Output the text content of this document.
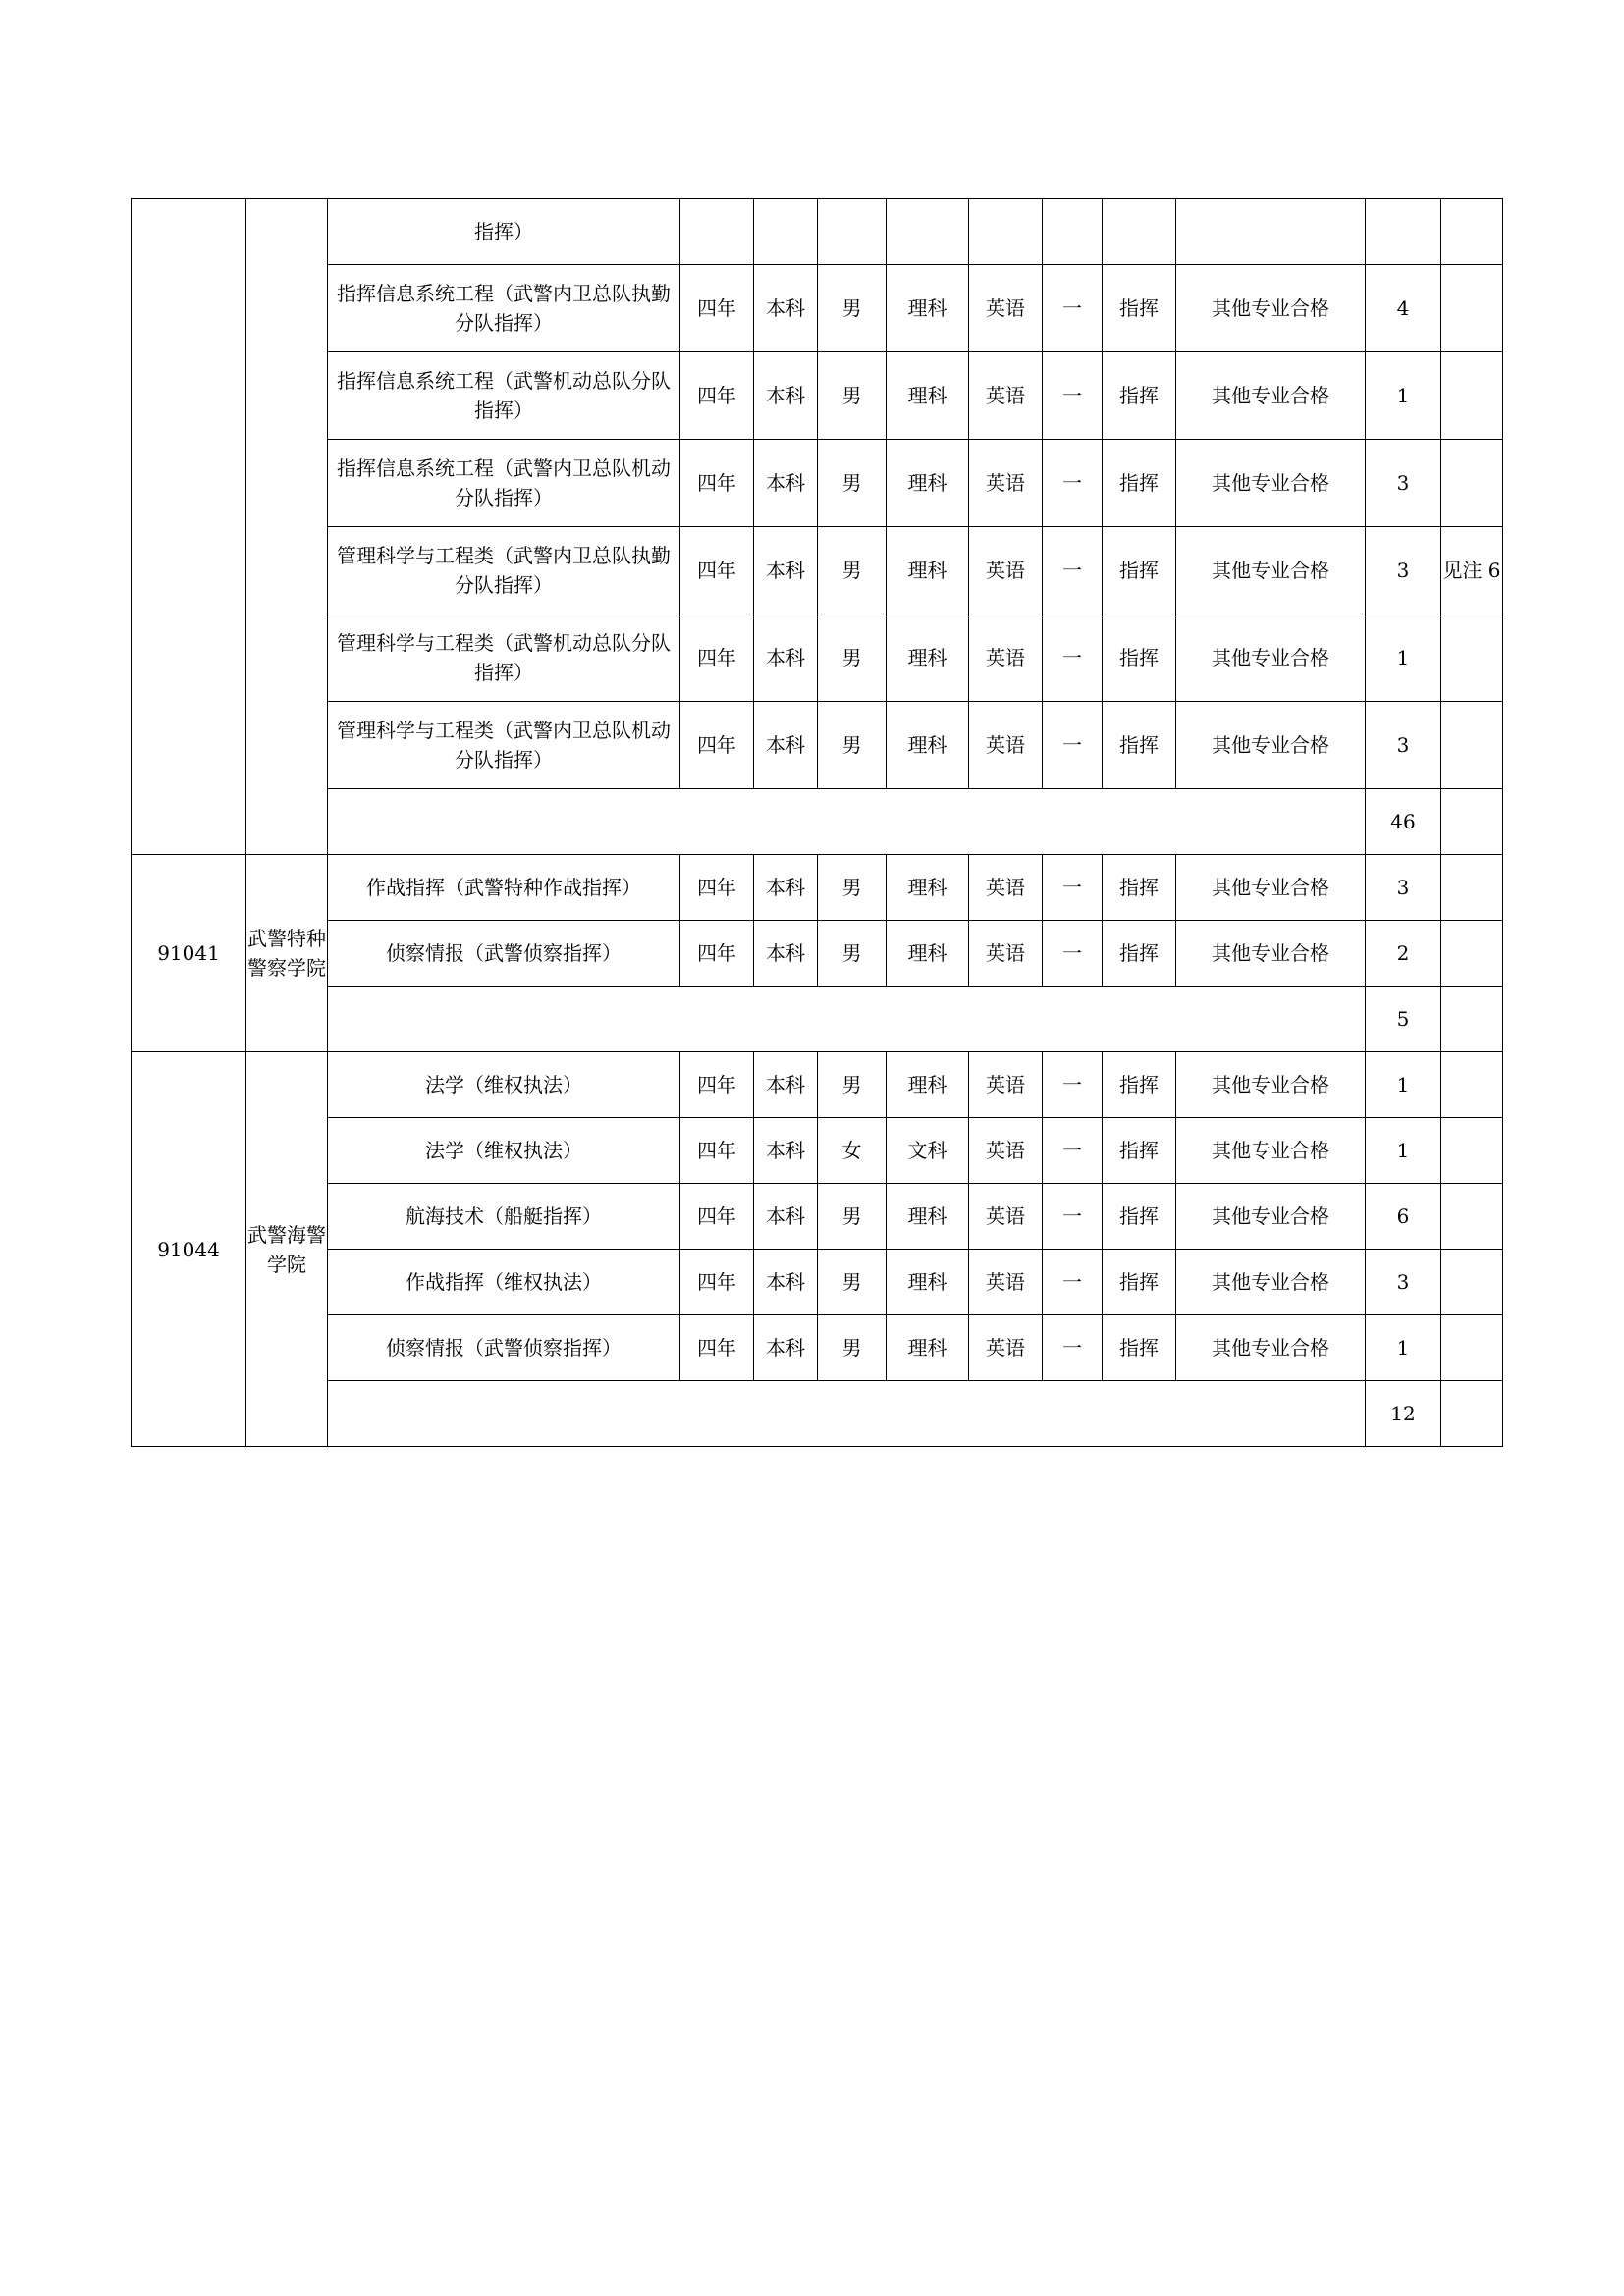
		指挥）										
		指挥信息系统工程（武警内卫总队执勤分队指挥）	四年	本科	男	理科	英语	一	指挥	其他专业合格	4	
		指挥信息系统工程（武警机动总队分队指挥）	四年	本科	男	理科	英语	一	指挥	其他专业合格	1	
		指挥信息系统工程（武警内卫总队机动分队指挥）	四年	本科	男	理科	英语	一	指挥	其他专业合格	3	
		管理科学与工程类（武警内卫总队执勤分队指挥）	四年	本科	男	理科	英语	一	指挥	其他专业合格	3	见注 6
		管理科学与工程类（武警机动总队分队指挥）	四年	本科	男	理科	英语	一	指挥	其他专业合格	1	
		管理科学与工程类（武警内卫总队机动分队指挥）	四年	本科	男	理科	英语	一	指挥	其他专业合格	3	
											46	
91041	武警特种警察学院	作战指挥（武警特种作战指挥）	四年	本科	男	理科	英语	一	指挥	其他专业合格	3	
		侦察情报（武警侦察指挥）	四年	本科	男	理科	英语	一	指挥	其他专业合格	2	
											5	
91044	武警海警学院	法学（维权执法）	四年	本科	男	理科	英语	一	指挥	其他专业合格	1	
		法学（维权执法）	四年	本科	女	文科	英语	一	指挥	其他专业合格	1	
		航海技术（船艇指挥）	四年	本科	男	理科	英语	一	指挥	其他专业合格	6	
		作战指挥（维权执法）	四年	本科	男	理科	英语	一	指挥	其他专业合格	3	
		侦察情报（武警侦察指挥）	四年	本科	男	理科	英语	一	指挥	其他专业合格	1	
											12	
